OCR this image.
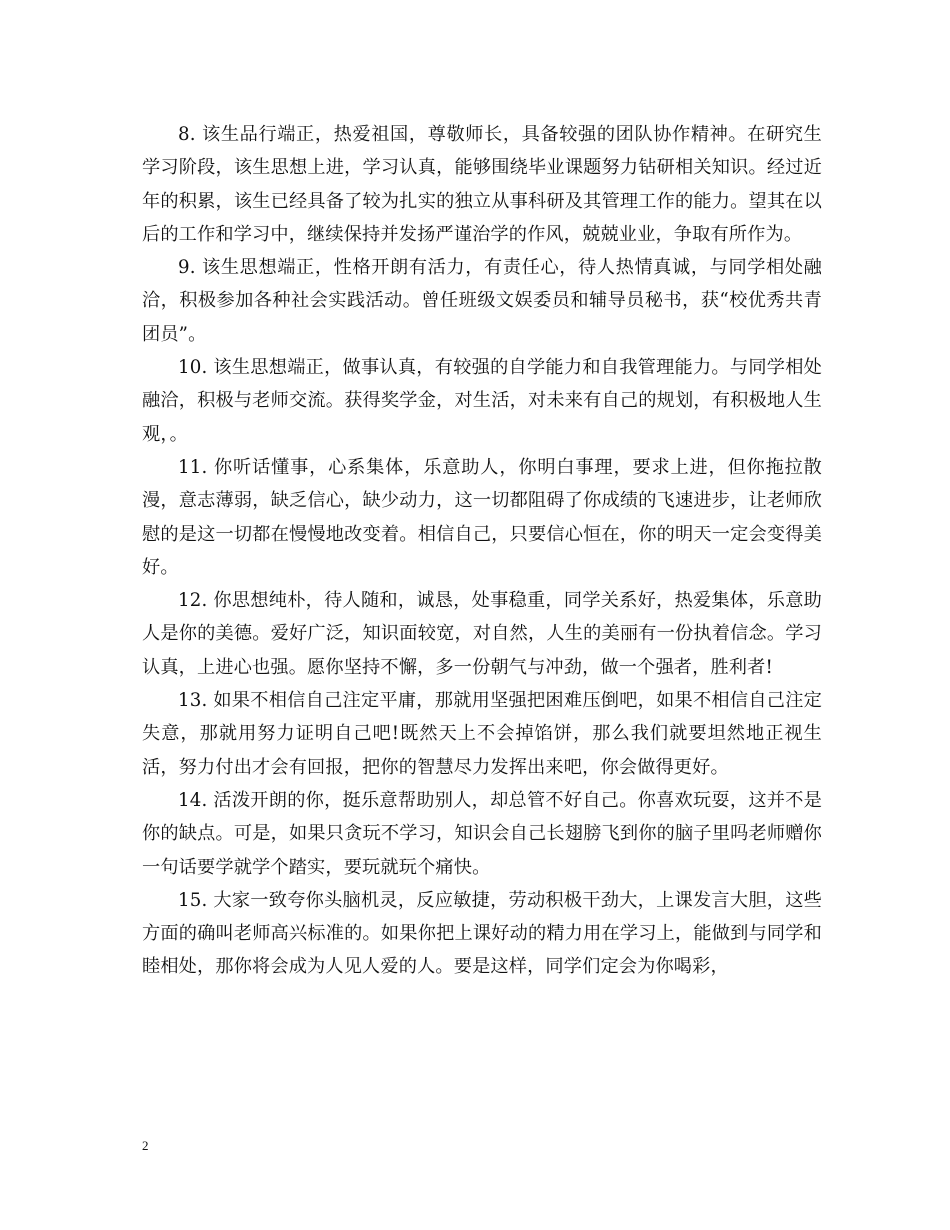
8. 该生品行端正，热爱祖国，尊敬师长，具备较强的团队协作精神。在研究生学习阶段，该生思想上进，学习认真，能够围绕毕业课题努力钻研相关知识。经过近年的积累，该生已经具备了较为扎实的独立从事科研及其管理工作的能力。望其在以后的工作和学习中，继续保持并发扬严谨治学的作风，兢兢业业，争取有所作为。

9. 该生思想端正，性格开朗有活力，有责任心，待人热情真诚，与同学相处融洽，积极参加各种社会实践活动。曾任班级文娱委员和辅导员秘书，获“校优秀共青团员”。

10. 该生思想端正，做事认真，有较强的自学能力和自我管理能力。与同学相处融洽，积极与老师交流。获得奖学金，对生活，对未来有自己的规划，有积极地人生观，。

11. 你听话懂事，心系集体，乐意助人，你明白事理，要求上进，但你拖拉散漫，意志薄弱，缺乏信心，缺少动力，这一切都阻碍了你成绩的飞速进步，让老师欣慰的是这一切都在慢慢地改变着。相信自己，只要信心恒在，你的明天一定会变得美好。

12. 你思想纯朴，待人随和，诚恳，处事稳重，同学关系好，热爱集体，乐意助人是你的美德。爱好广泛，知识面较宽，对自然，人生的美丽有一份执着信念。学习认真，上进心也强。愿你坚持不懈，多一份朝气与冲劲，做一个强者，胜利者!

13. 如果不相信自己注定平庸，那就用坚强把困难压倒吧，如果不相信自己注定失意，那就用努力证明自己吧!既然天上不会掉馅饼，那么我们就要坦然地正视生活，努力付出才会有回报，把你的智慧尽力发挥出来吧，你会做得更好。

14. 活泼开朗的你，挺乐意帮助别人，却总管不好自己。你喜欢玩耍，这并不是你的缺点。可是，如果只贪玩不学习，知识会自己长翅膀飞到你的脑子里吗老师赠你一句话要学就学个踏实，要玩就玩个痛快。

15. 大家一致夸你头脑机灵，反应敏捷，劳动积极干劲大，上课发言大胆，这些方面的确叫老师高兴标准的。如果你把上课好动的精力用在学习上，能做到与同学和睦相处，那你将会成为人见人爱的人。要是这样，同学们定会为你喝彩，

2
